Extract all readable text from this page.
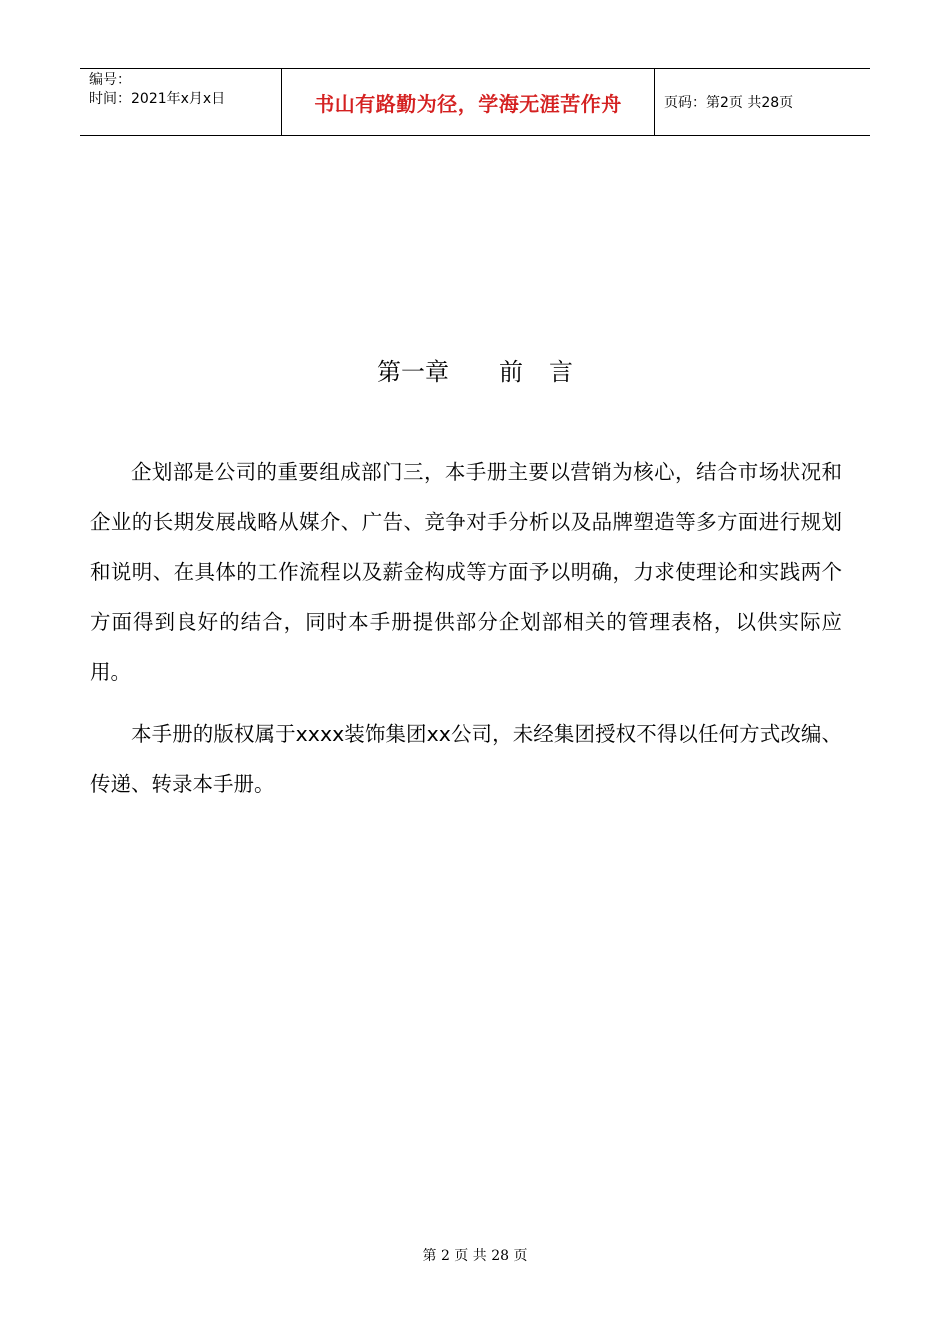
编号：
时间：2021年x月x日	书山有路勤为径，学海无涯苦作舟	页码：第2页 共28页
第一章 前 言

企划部是公司的重要组成部门三，本手册主要以营销为核心，结合市场状况和企业的长期发展战略从媒介、广告、竞争对手分析以及品牌塑造等多方面进行规划和说明、在具体的工作流程以及薪金构成等方面予以明确，力求使理论和实践两个方面得到良好的结合，同时本手册提供部分企划部相关的管理表格，以供实际应用。

本手册的版权属于xxxx装饰集团xx公司，未经集团授权不得以任何方式改编、传递、转录本手册。

第 2 页 共 28 页
